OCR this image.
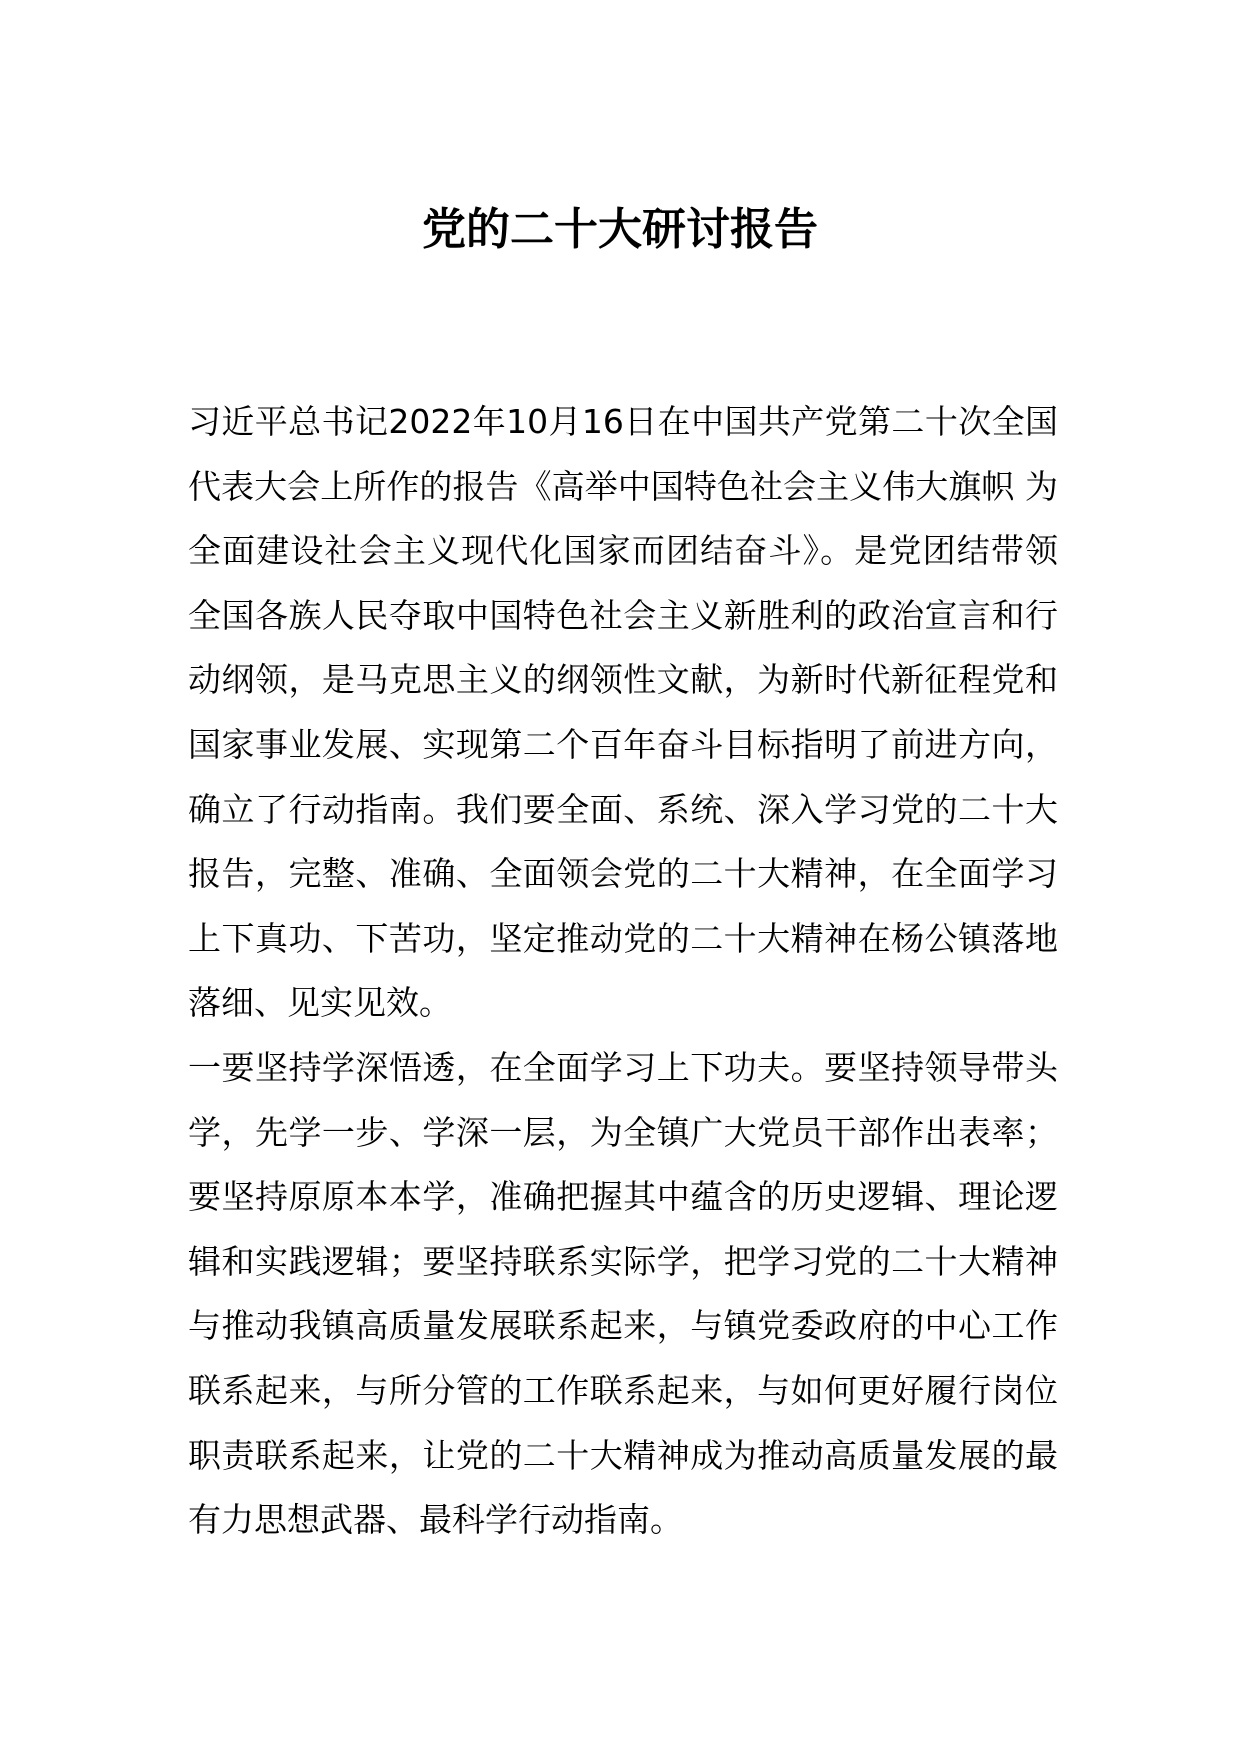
党的二十大研讨报告

习近平总书记2022年10月16日在中国共产党第二十次全国代表大会上所作的报告《高举中国特色社会主义伟大旗帜 为全面建设社会主义现代化国家而团结奋斗》。是党团结带领全国各族人民夺取中国特色社会主义新胜利的政治宣言和行动纲领，是马克思主义的纲领性文献，为新时代新征程党和国家事业发展、实现第二个百年奋斗目标指明了前进方向，确立了行动指南。我们要全面、系统、深入学习党的二十大报告，完整、准确、全面领会党的二十大精神，在全面学习上下真功、下苦功，坚定推动党的二十大精神在杨公镇落地落细、见实见效。

一要坚持学深悟透，在全面学习上下功夫。要坚持领导带头学，先学一步、学深一层，为全镇广大党员干部作出表率；要坚持原原本本学，准确把握其中蕴含的历史逻辑、理论逻辑和实践逻辑；要坚持联系实际学，把学习党的二十大精神与推动我镇高质量发展联系起来，与镇党委政府的中心工作联系起来，与所分管的工作联系起来，与如何更好履行岗位职责联系起来，让党的二十大精神成为推动高质量发展的最有力思想武器、最科学行动指南。
